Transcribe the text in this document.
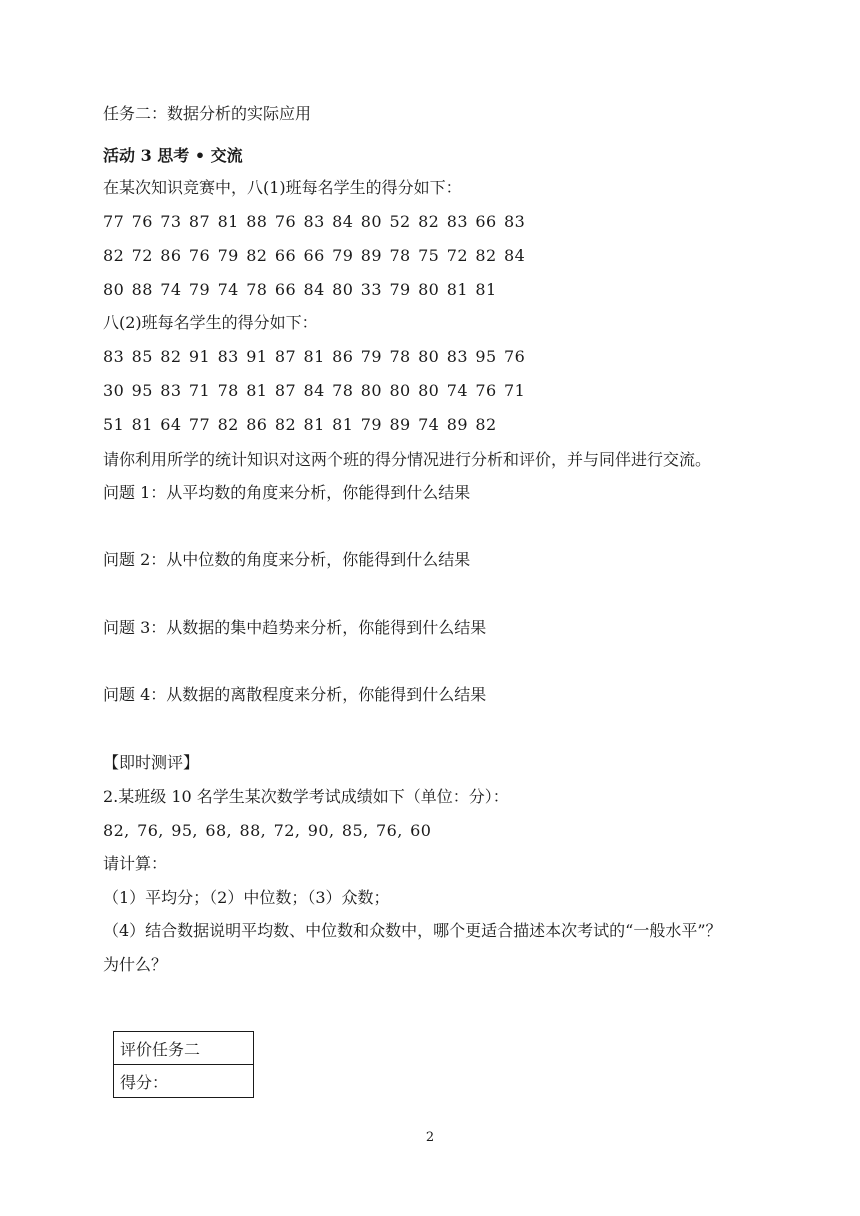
任务二：数据分析的实际应用

活动 3 思考 • 交流

在某次知识竞赛中，八(1)班每名学生的得分如下：

77 76 73 87 81 88 76 83 84 80 52 82 83 66 83

82 72 86 76 79 82 66 66 79 89 78 75 72 82 84

80 88 74 79 74 78 66 84 80 33 79 80 81 81

八(2)班每名学生的得分如下：

83 85 82 91 83 91 87 81 86 79 78 80 83 95 76

30 95 83 71 78 81 87 84 78 80 80 80 74 76 71

51 81 64 77 82 86 82 81 81 79 89 74 89 82

请你利用所学的统计知识对这两个班的得分情况进行分析和评价，并与同伴进行交流。

问题 1：从平均数的角度来分析，你能得到什么结果

问题 2：从中位数的角度来分析，你能得到什么结果

问题 3：从数据的集中趋势来分析，你能得到什么结果

问题 4：从数据的离散程度来分析，你能得到什么结果

【即时测评】

2.某班级 10 名学生某次数学考试成绩如下（单位：分）：

82, 76, 95, 68, 88, 72, 90, 85, 76, 60

请计算：

（1）平均分；（2）中位数；（3）众数；

（4）结合数据说明平均数、中位数和众数中，哪个更适合描述本次考试的“一般水平”？

为什么？

评价任务二
得分：

2
